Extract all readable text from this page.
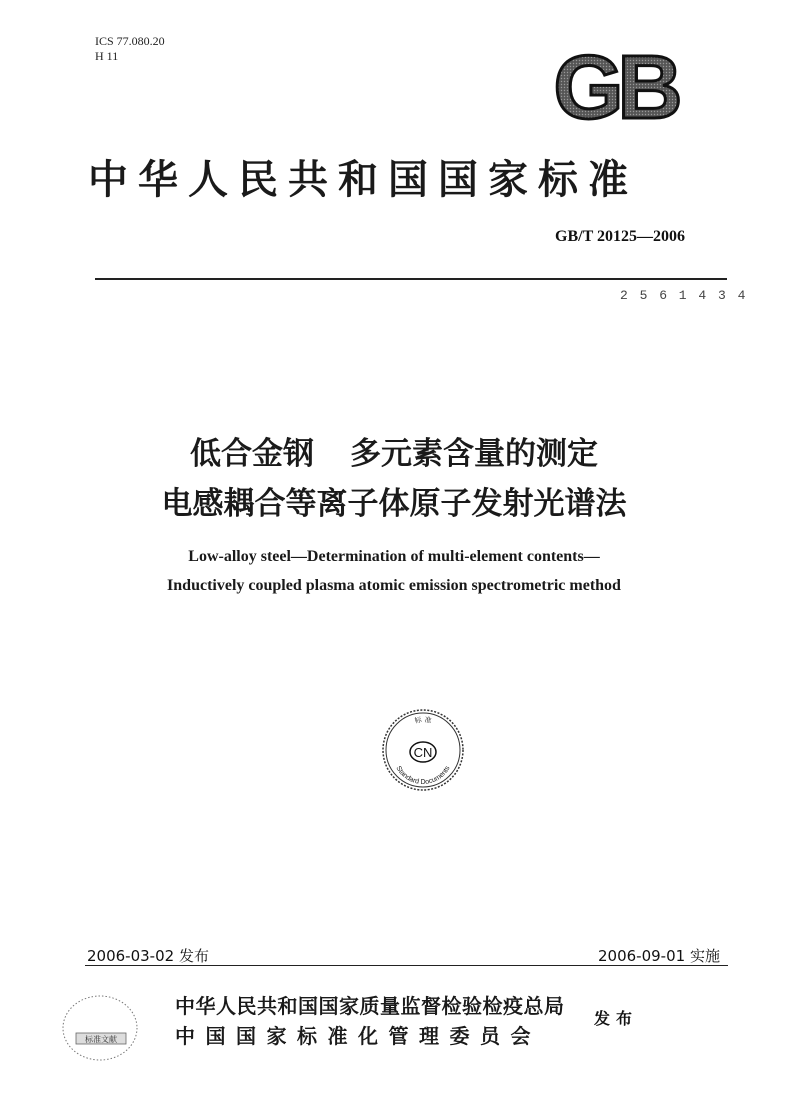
ICS 77.080.20
H 11	GB
中华人民共和国国家标准
GB/T 20125—2006
2 5 6 1 4 3 4
低合金钢 多元素含量的测定
电感耦合等离子体原子发射光谱法
Low-alloy steel—Determination of multi-element contents—
Inductively coupled plasma atomic emission spectrometric method
CN
标 准
Standard Documents
2006-03-02 发布	2006-09-01 实施
标准文献
中华人民共和国国家质量监督检验检疫总局
中国国家标准化管理委员会
发布
